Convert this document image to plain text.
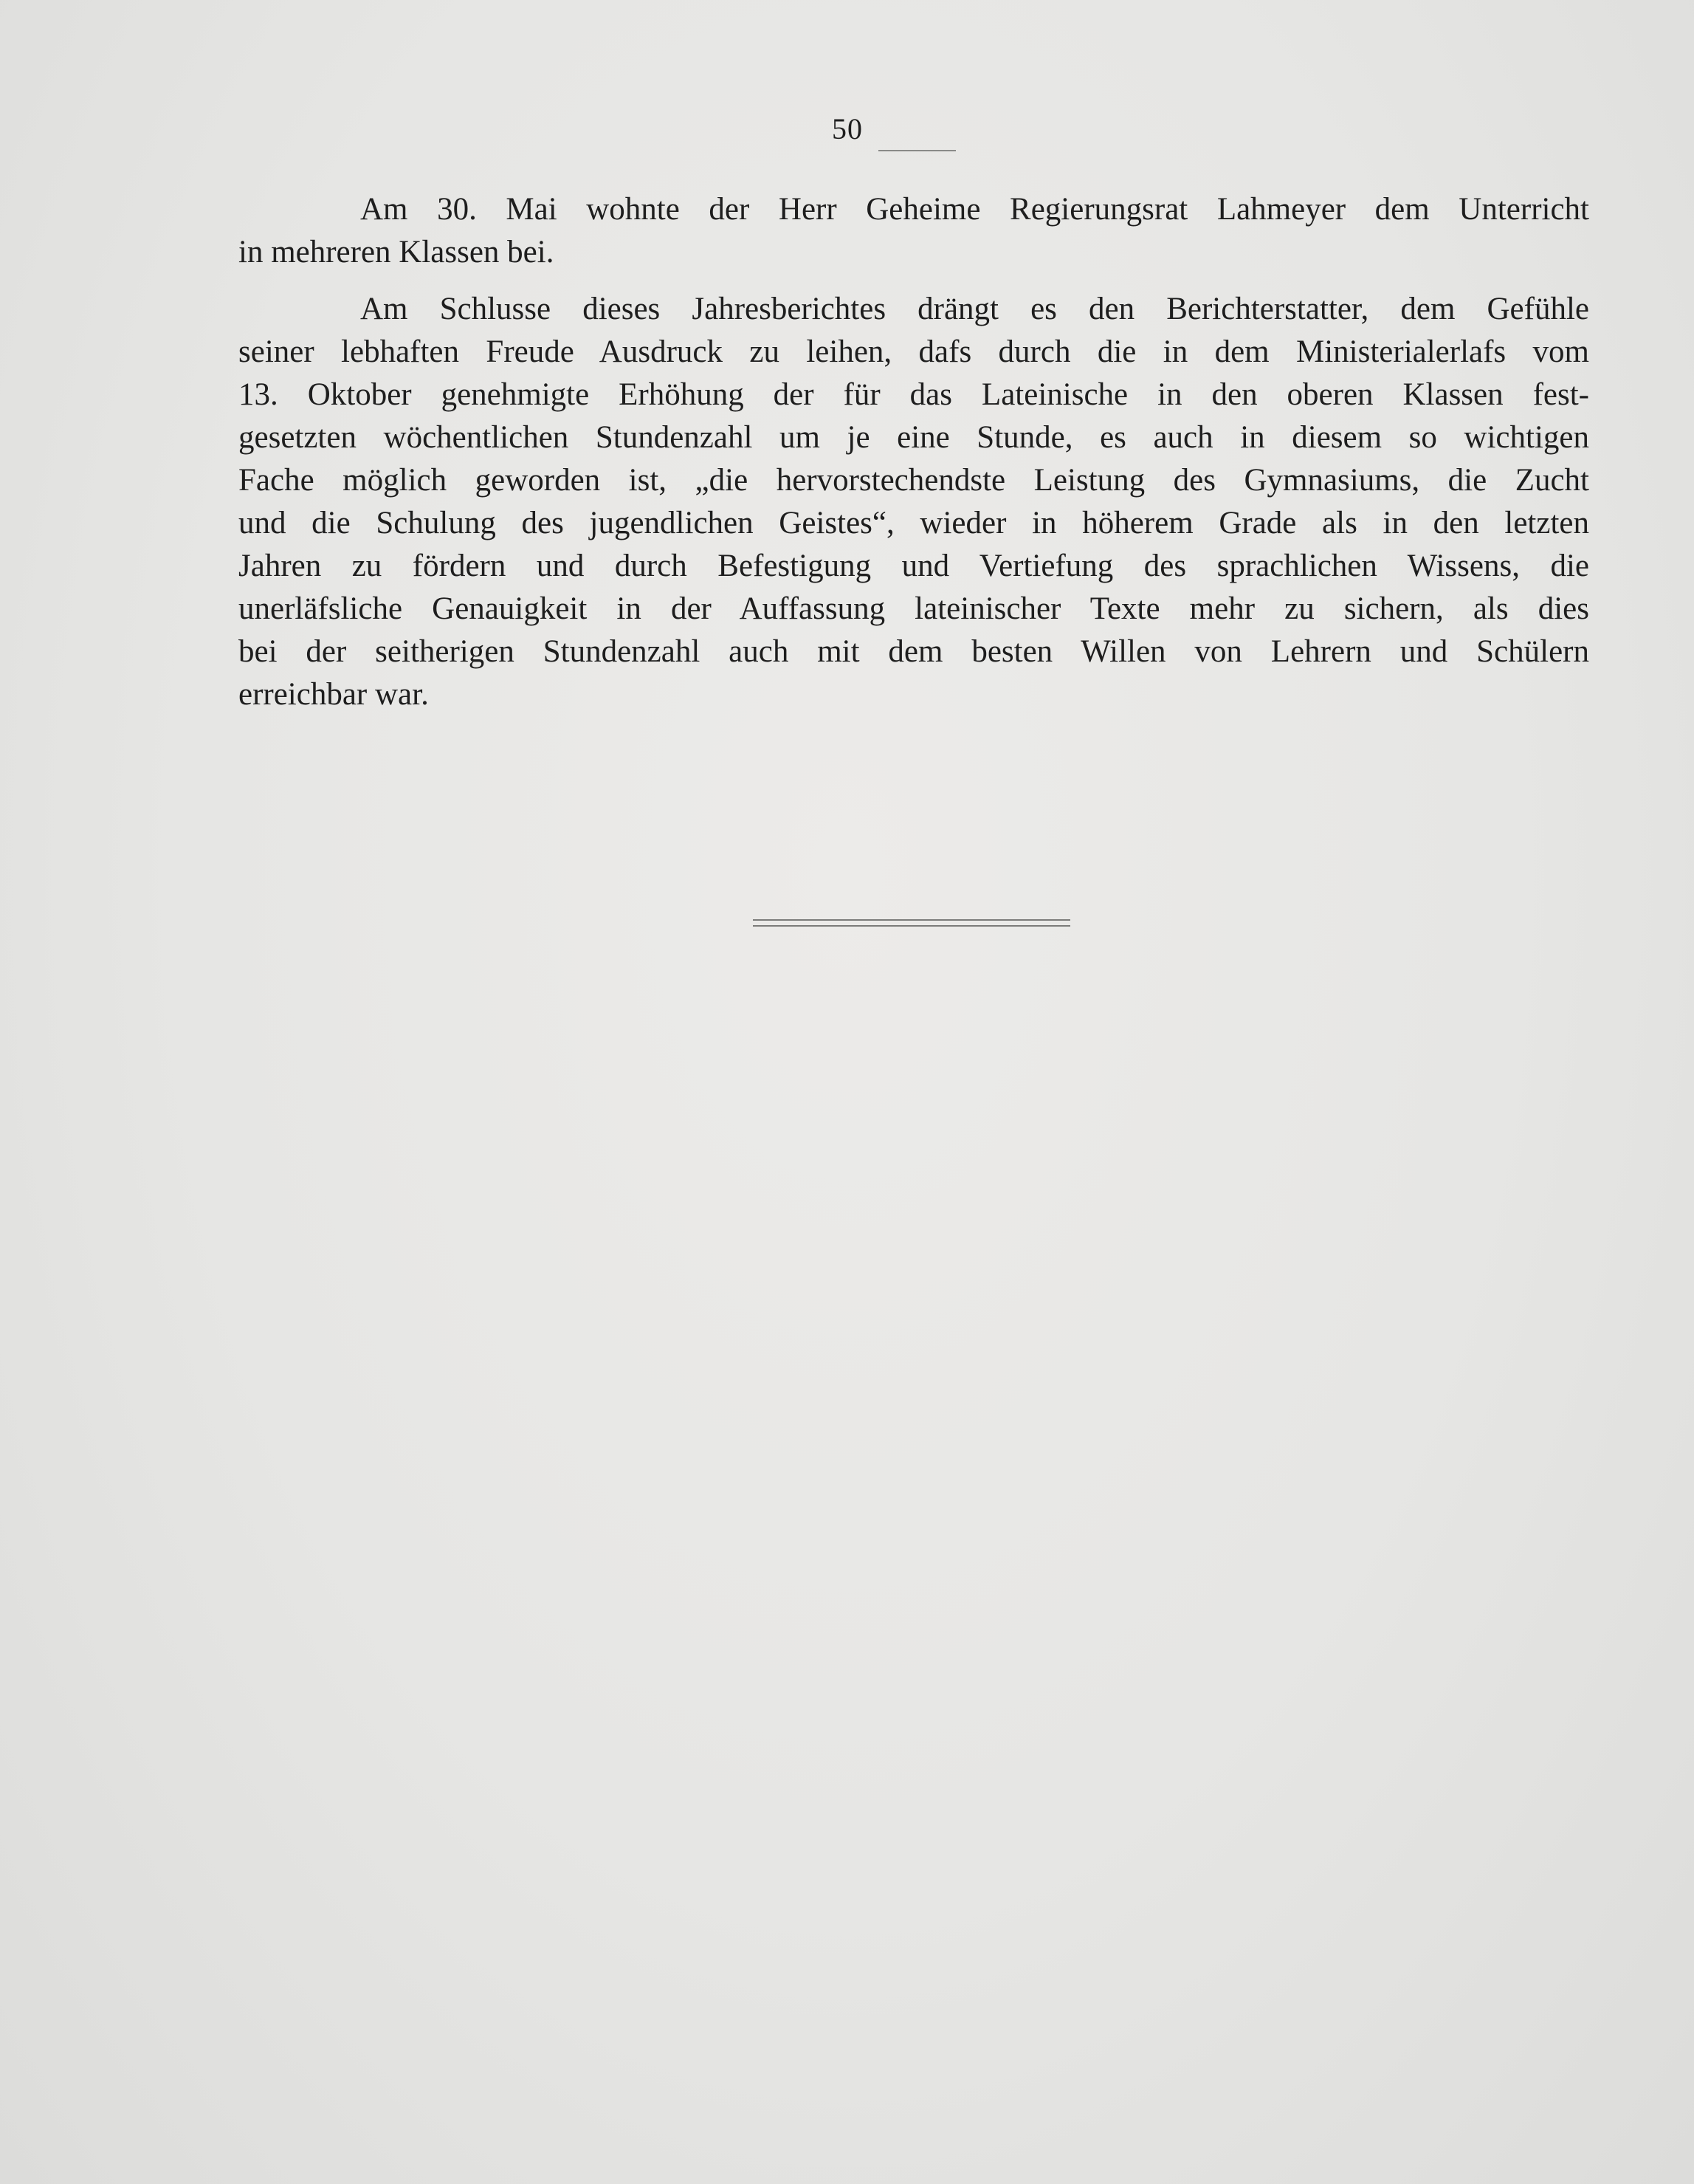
50
Am 30. Mai wohnte der Herr Geheime Regierungsrat Lahmeyer dem Unterricht
in mehreren Klassen bei.
Am Schlusse dieses Jahresberichtes drängt es den Berichterstatter, dem Gefühle
seiner lebhaften Freude Ausdruck zu leihen, dafs durch die in dem Ministerialerlafs vom
13. Oktober genehmigte Erhöhung der für das Lateinische in den oberen Klassen fest-
gesetzten wöchentlichen Stundenzahl um je eine Stunde, es auch in diesem so wichtigen
Fache möglich geworden ist, „die hervorstechendste Leistung des Gymnasiums, die Zucht
und die Schulung des jugendlichen Geistes“, wieder in höherem Grade als in den letzten
Jahren zu fördern und durch Befestigung und Vertiefung des sprachlichen Wissens, die
unerläfsliche Genauigkeit in der Auffassung lateinischer Texte mehr zu sichern, als dies
bei der seitherigen Stundenzahl auch mit dem besten Willen von Lehrern und Schülern
erreichbar war.
